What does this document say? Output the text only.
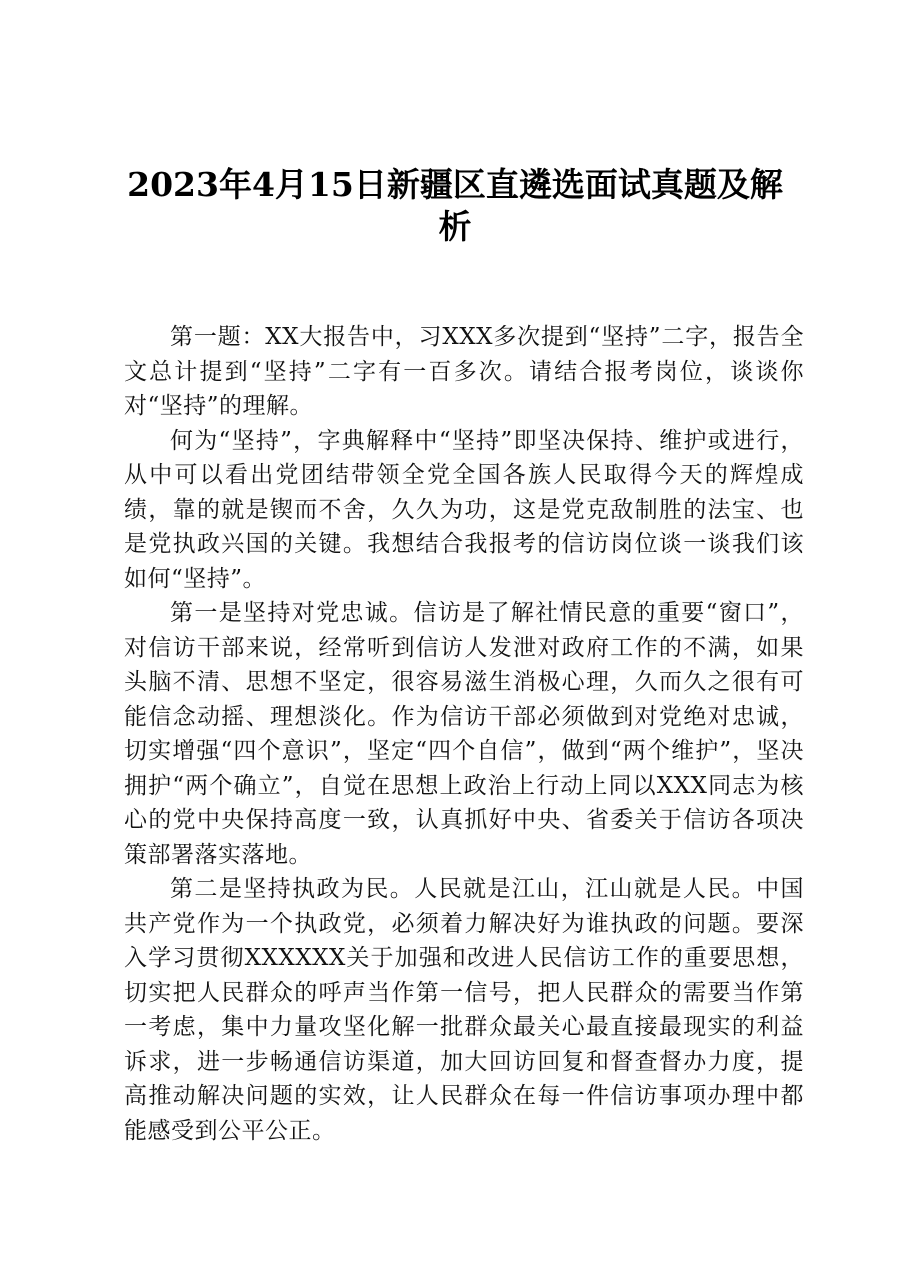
2023年4月15日新疆区直遴选面试真题及解
析

第一题：XX大报告中，习XXX多次提到“坚持”二字，报告全文总计提到“坚持”二字有一百多次。请结合报考岗位，谈谈你对“坚持”的理解。

何为“坚持”，字典解释中“坚持”即坚决保持、维护或进行，从中可以看出党团结带领全党全国各族人民取得今天的辉煌成绩，靠的就是锲而不舍，久久为功，这是党克敌制胜的法宝、也是党执政兴国的关键。我想结合我报考的信访岗位谈一谈我们该如何“坚持”。

第一是坚持对党忠诚。信访是了解社情民意的重要“窗口”，对信访干部来说，经常听到信访人发泄对政府工作的不满，如果头脑不清、思想不坚定，很容易滋生消极心理，久而久之很有可能信念动摇、理想淡化。作为信访干部必须做到对党绝对忠诚，切实增强“四个意识”，坚定“四个自信”，做到“两个维护”，坚决拥护“两个确立”，自觉在思想上政治上行动上同以XXX同志为核心的党中央保持高度一致，认真抓好中央、省委关于信访各项决策部署落实落地。

第二是坚持执政为民。人民就是江山，江山就是人民。中国共产党作为一个执政党，必须着力解决好为谁执政的问题。要深入学习贯彻XXXXXX关于加强和改进人民信访工作的重要思想，切实把人民群众的呼声当作第一信号，把人民群众的需要当作第一考虑，集中力量攻坚化解一批群众最关心最直接最现实的利益诉求，进一步畅通信访渠道，加大回访回复和督查督办力度，提高推动解决问题的实效，让人民群众在每一件信访事项办理中都能感受到公平公正。
